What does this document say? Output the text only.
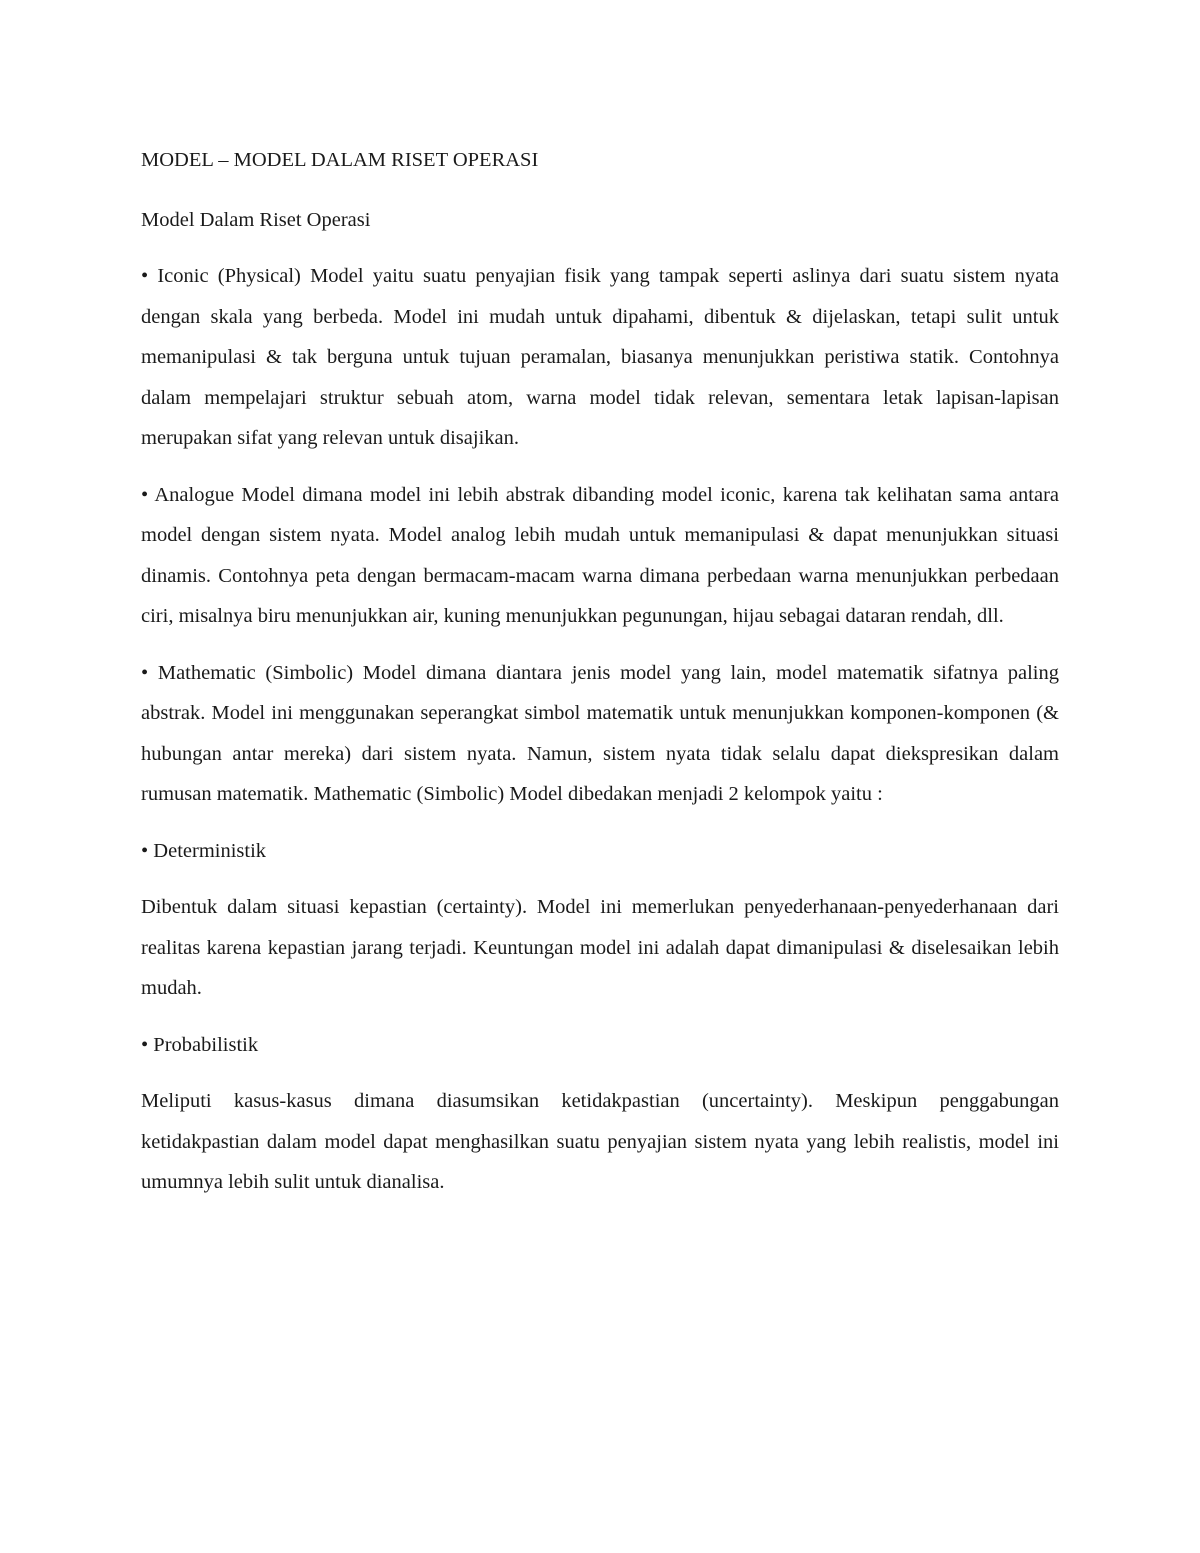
MODEL – MODEL DALAM RISET OPERASI
Model Dalam Riset Operasi

• Iconic (Physical) Model yaitu suatu penyajian fisik yang tampak seperti aslinya dari suatu sistem nyata dengan skala yang berbeda. Model ini mudah untuk dipahami, dibentuk & dijelaskan, tetapi sulit untuk memanipulasi & tak berguna untuk tujuan peramalan, biasanya menunjukkan peristiwa statik. Contohnya dalam mempelajari struktur sebuah atom, warna model tidak relevan, sementara letak lapisan-lapisan merupakan sifat yang relevan untuk disajikan.

• Analogue Model dimana model ini lebih abstrak dibanding model iconic, karena tak kelihatan sama antara model dengan sistem nyata. Model analog lebih mudah untuk memanipulasi & dapat menunjukkan situasi dinamis. Contohnya peta dengan bermacam-macam warna dimana perbedaan warna menunjukkan perbedaan ciri, misalnya biru menunjukkan air, kuning menunjukkan pegunungan, hijau sebagai dataran rendah, dll.

• Mathematic (Simbolic) Model dimana diantara jenis model yang lain, model matematik sifatnya paling abstrak. Model ini menggunakan seperangkat simbol matematik untuk menunjukkan komponen-komponen (& hubungan antar mereka) dari sistem nyata. Namun, sistem nyata tidak selalu dapat diekspresikan dalam rumusan matematik. Mathematic (Simbolic) Model dibedakan menjadi 2 kelompok yaitu :

• Deterministik

Dibentuk dalam situasi kepastian (certainty). Model ini memerlukan penyederhanaan-penyederhanaan dari realitas karena kepastian jarang terjadi. Keuntungan model ini adalah dapat dimanipulasi & diselesaikan lebih mudah.

• Probabilistik

Meliputi kasus-kasus dimana diasumsikan ketidakpastian (uncertainty). Meskipun penggabungan ketidakpastian dalam model dapat menghasilkan suatu penyajian sistem nyata yang lebih realistis, model ini umumnya lebih sulit untuk dianalisa.
